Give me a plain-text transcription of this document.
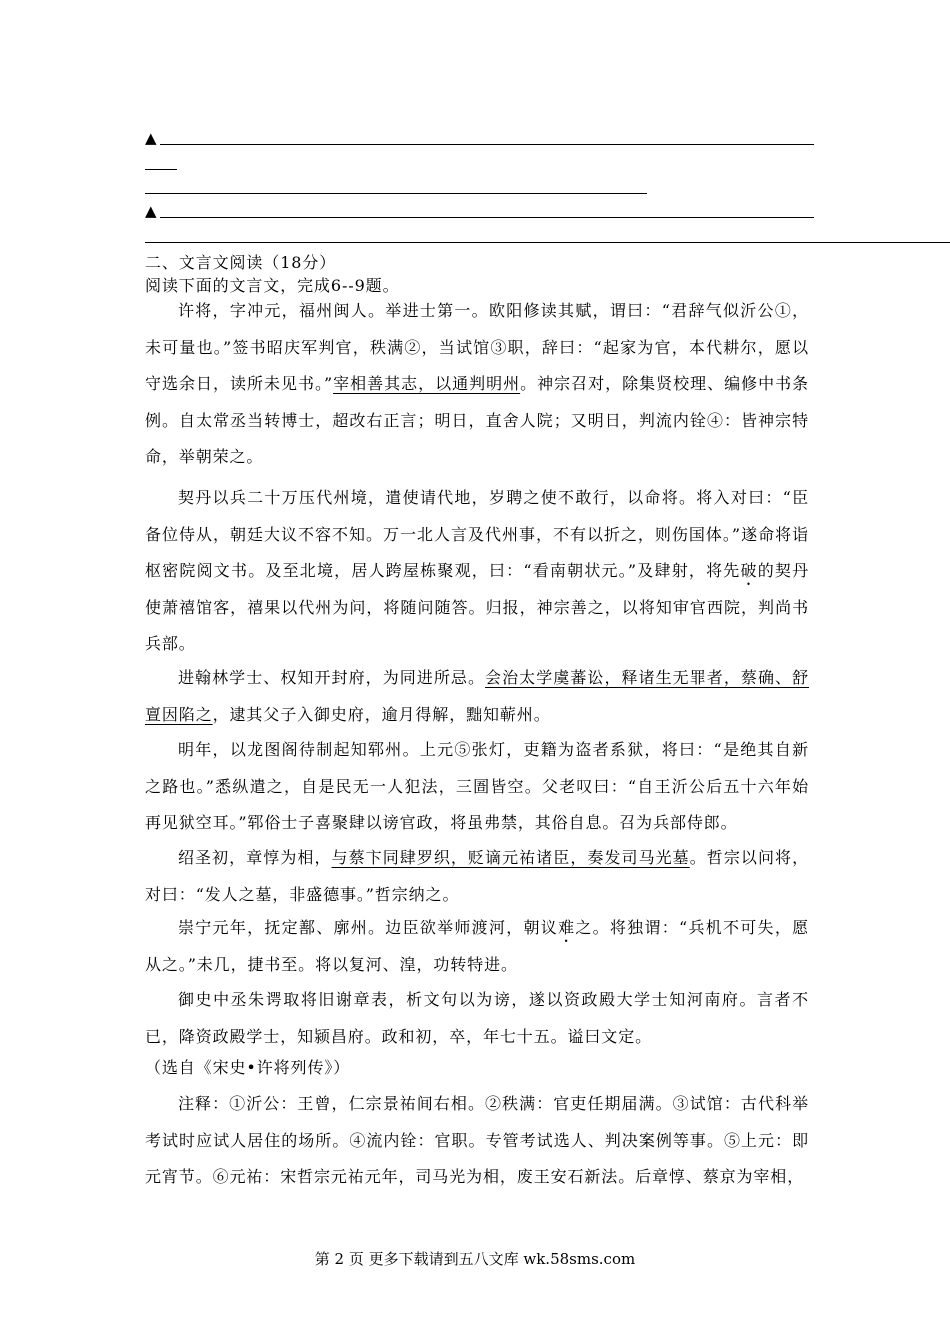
▲
▲
二、文言文阅读（18分）
阅读下面的文言文，完成6--9题。

许将，字冲元，福州闽人。举进士第一。欧阳修读其赋，谓曰：“君辞气似沂公①，未可量也。”签书昭庆军判官，秩满②，当试馆③职，辞曰：“起家为官，本代耕尔，愿以守选余日，读所未见书。”宰相善其志，以通判明州。神宗召对，除集贤校理、编修中书条例。自太常丞当转博士，超改右正言；明日，直舍人院；又明日，判流内铨④：皆神宗特命，举朝荣之。

契丹以兵二十万压代州境，遣使请代地，岁聘之使不敢行，以命将。将入对曰：“臣备位侍从，朝廷大议不容不知。万一北人言及代州事，不有以折之，则伤国体。”遂命将诣枢密院阅文书。及至北境，居人跨屋栋聚观，曰：“看南朝状元。”及肆射，将先破的契丹使萧禧馆客，禧果以代州为问，将随问随答。归报，神宗善之，以将知审官西院，判尚书兵部。

进翰林学士、权知开封府，为同进所忌。会治太学虞蕃讼，释诸生无罪者，蔡确、舒亶因陷之，逮其父子入御史府，逾月得解，黜知蕲州。

明年，以龙图阁待制起知郓州。上元⑤张灯，吏籍为盗者系狱，将曰：“是绝其自新之路也。”悉纵遣之，自是民无一人犯法，三圄皆空。父老叹曰：“自王沂公后五十六年始再见狱空耳。”郓俗士子喜聚肆以谤官政，将虽弗禁，其俗自息。召为兵部侍郎。

绍圣初，章惇为相，与蔡卞同肆罗织，贬谪元祐诸臣，奏发司马光墓。哲宗以问将，对曰：“发人之墓，非盛德事。”哲宗纳之。

崇宁元年，抚定鄯、廓州。边臣欲举师渡河，朝议难之。将独谓：“兵机不可失，愿从之。”未几，捷书至。将以复河、湟，功转特进。

御史中丞朱谔取将旧谢章表，析文句以为谤，遂以资政殿大学士知河南府。言者不已，降资政殿学士，知颍昌府。政和初，卒，年七十五。谥曰文定。

（选自《宋史•许将列传》）

注释：①沂公：王曾，仁宗景祐间右相。②秩满：官吏任期届满。③试馆：古代科举考试时应试人居住的场所。④流内铨：官职。专管考试选人、判决案例等事。⑤上元：即元宵节。⑥元祐：宋哲宗元祐元年，司马光为相，废王安石新法。后章惇、蔡京为宰相，

第 2 页 更多下载请到五八文库 wk.58sms.com
